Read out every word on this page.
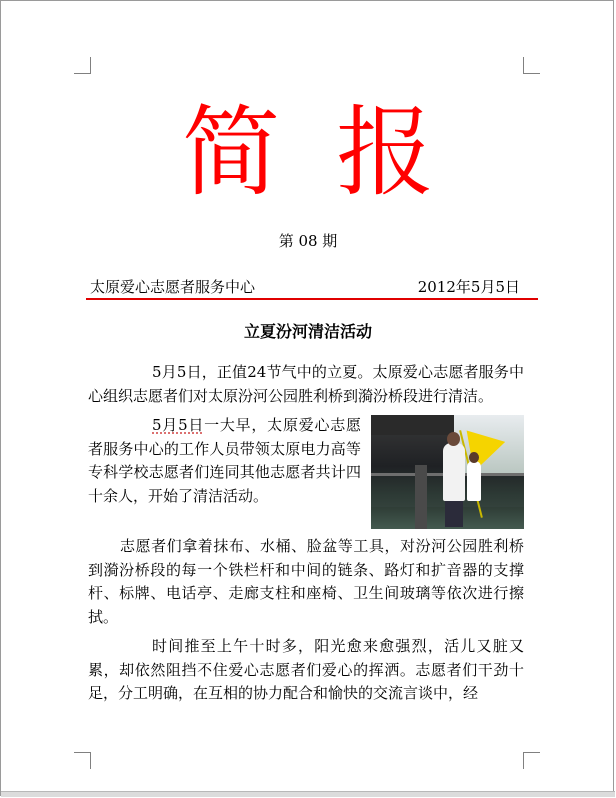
简报
第 08 期
太原爱心志愿者服务中心	2012年5月5日
立夏汾河清洁活动

5月5日，正值24节气中的立夏。太原爱心志愿者服务中心组织志愿者们对太原汾河公园胜利桥到漪汾桥段进行清洁。

5月5日一大早，太原爱心志愿者服务中心的工作人员带领太原电力高等专科学校志愿者们连同其他志愿者共计四十余人，开始了清洁活动。

志愿者们拿着抹布、水桶、脸盆等工具，对汾河公园胜利桥到漪汾桥段的每一个铁栏杆和中间的链条、路灯和扩音器的支撑杆、标牌、电话亭、走廊支柱和座椅、卫生间玻璃等依次进行擦拭。

时间推至上午十时多，阳光愈来愈强烈，活儿又脏又累，却依然阻挡不住爱心志愿者们爱心的挥洒。志愿者们干劲十足，分工明确，在互相的协力配合和愉快的交流言谈中，经
